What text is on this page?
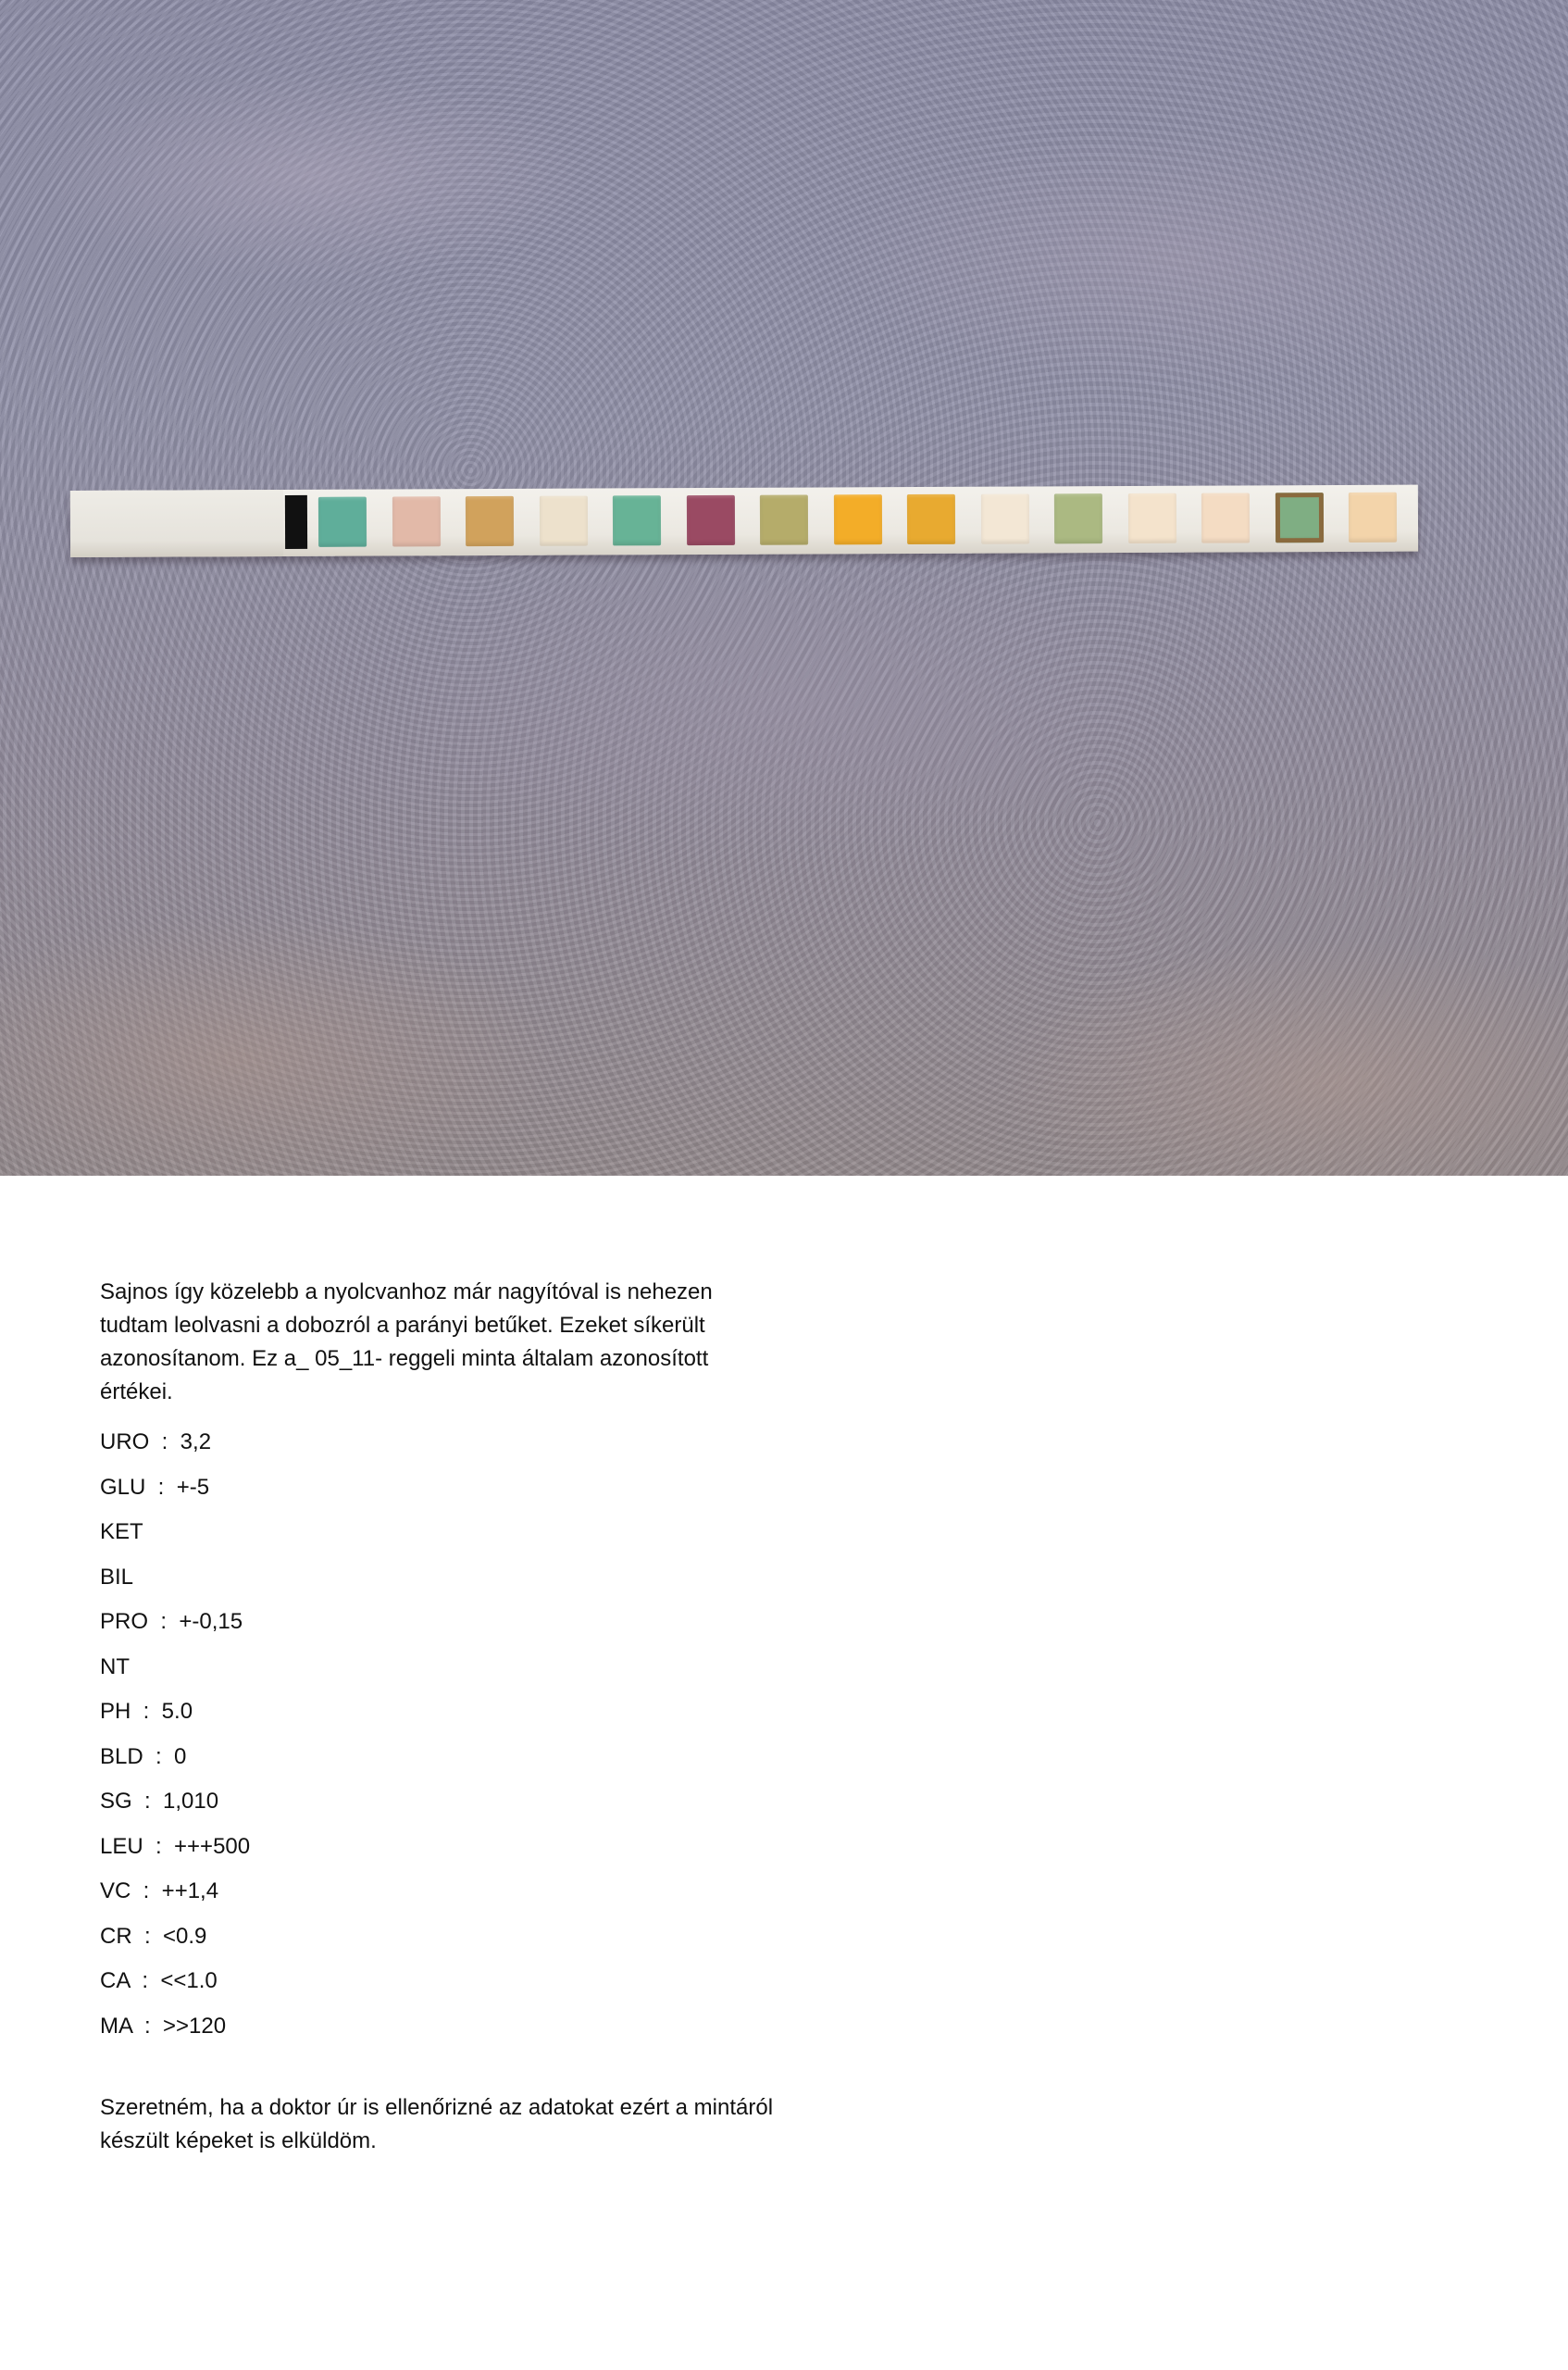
Sajnos így közelebb a nyolcvanhoz már nagyítóval is nehezen tudtam leolvasni a dobozról a parányi betűket. Ezeket síkerült azonosítanom. Ez a_ 05_11- reggeli minta általam azonosított értékei.

URO  :  3,2

GLU  :  +-5

KET

BIL

PRO  :  +-0,15

NT

PH  :  5.0

BLD  :  0

SG  :  1,010

LEU  :  +++500

VC  :  ++1,4

CR  :  <0.9

CA  :  <<1.0

MA  :  >>120

Szeretném, ha a doktor úr is ellenőrizné az adatokat ezért a mintáról készült képeket is elküldöm.
